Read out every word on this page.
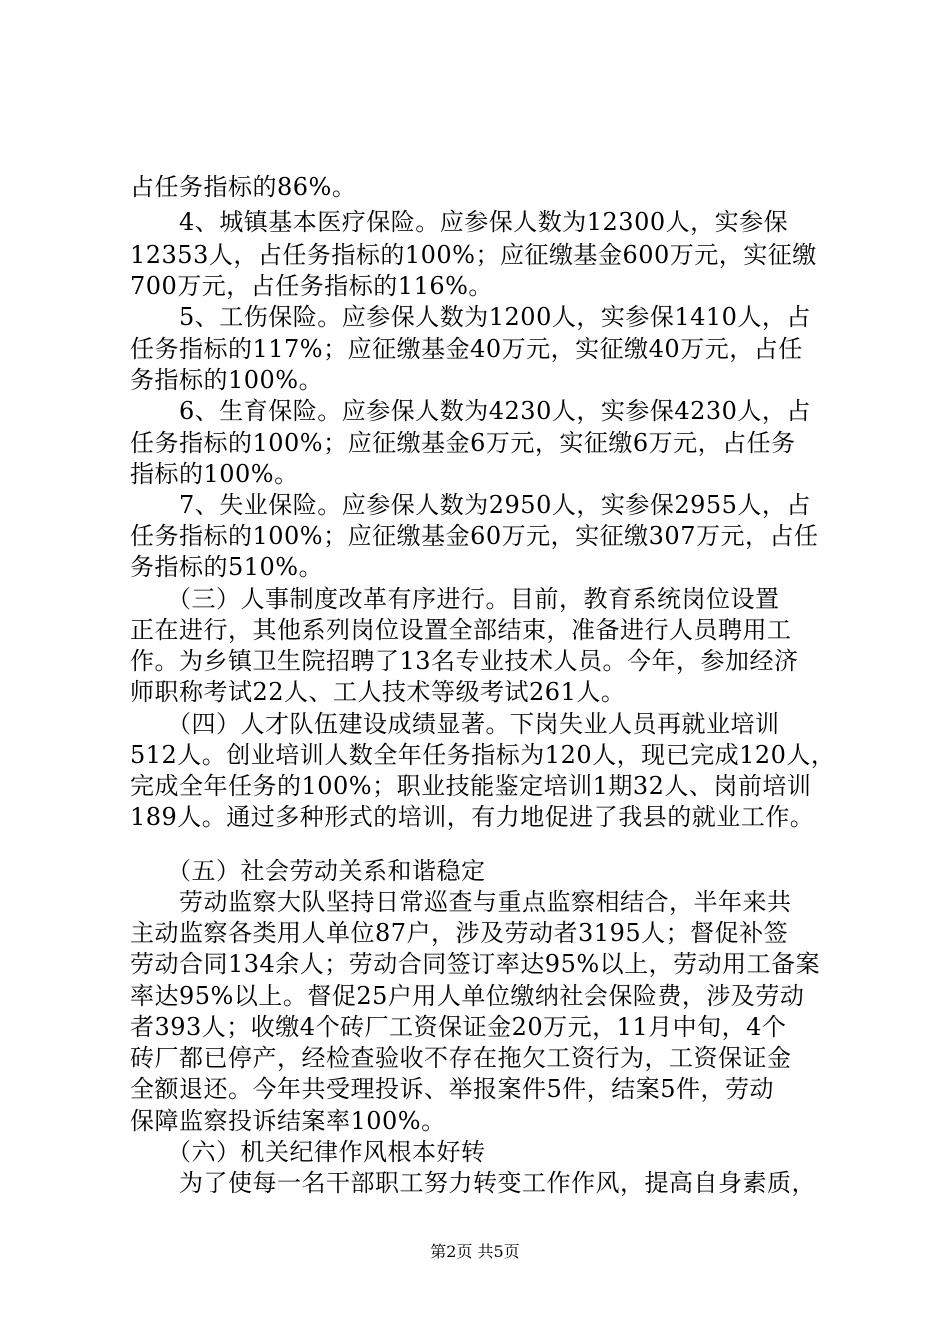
占任务指标的86%。
　　4、城镇基本医疗保险。应参保人数为12300人，实参保
12353人，占任务指标的100%；应征缴基金600万元，实征缴
700万元，占任务指标的116%。
　　5、工伤保险。应参保人数为1200人，实参保1410人，占
任务指标的117%；应征缴基金40万元，实征缴40万元，占任
务指标的100%。
　　6、生育保险。应参保人数为4230人，实参保4230人，占
任务指标的100%；应征缴基金6万元，实征缴6万元，占任务
指标的100%。
　　7、失业保险。应参保人数为2950人，实参保2955人，占
任务指标的100%；应征缴基金60万元，实征缴307万元，占任
务指标的510%。
　　（三）人事制度改革有序进行。目前，教育系统岗位设置
正在进行，其他系列岗位设置全部结束，准备进行人员聘用工
作。为乡镇卫生院招聘了13名专业技术人员。今年，参加经济
师职称考试22人、工人技术等级考试261人。
　　（四）人才队伍建设成绩显著。下岗失业人员再就业培训
512人。创业培训人数全年任务指标为120人，现已完成120人，
完成全年任务的100%；职业技能鉴定培训1期32人、岗前培训
189人。通过多种形式的培训，有力地促进了我县的就业工作。
　　（五）社会劳动关系和谐稳定
　　劳动监察大队坚持日常巡查与重点监察相结合，半年来共
主动监察各类用人单位87户，涉及劳动者3195人；督促补签
劳动合同134余人；劳动合同签订率达95%以上，劳动用工备案
率达95%以上。督促25户用人单位缴纳社会保险费，涉及劳动
者393人；收缴4个砖厂工资保证金20万元，11月中旬，4个
砖厂都已停产，经检查验收不存在拖欠工资行为，工资保证金
全额退还。今年共受理投诉、举报案件5件，结案5件，劳动
保障监察投诉结案率100%。
　　（六）机关纪律作风根本好转
　　为了使每一名干部职工努力转变工作作风，提高自身素质，
第2页 共5页
